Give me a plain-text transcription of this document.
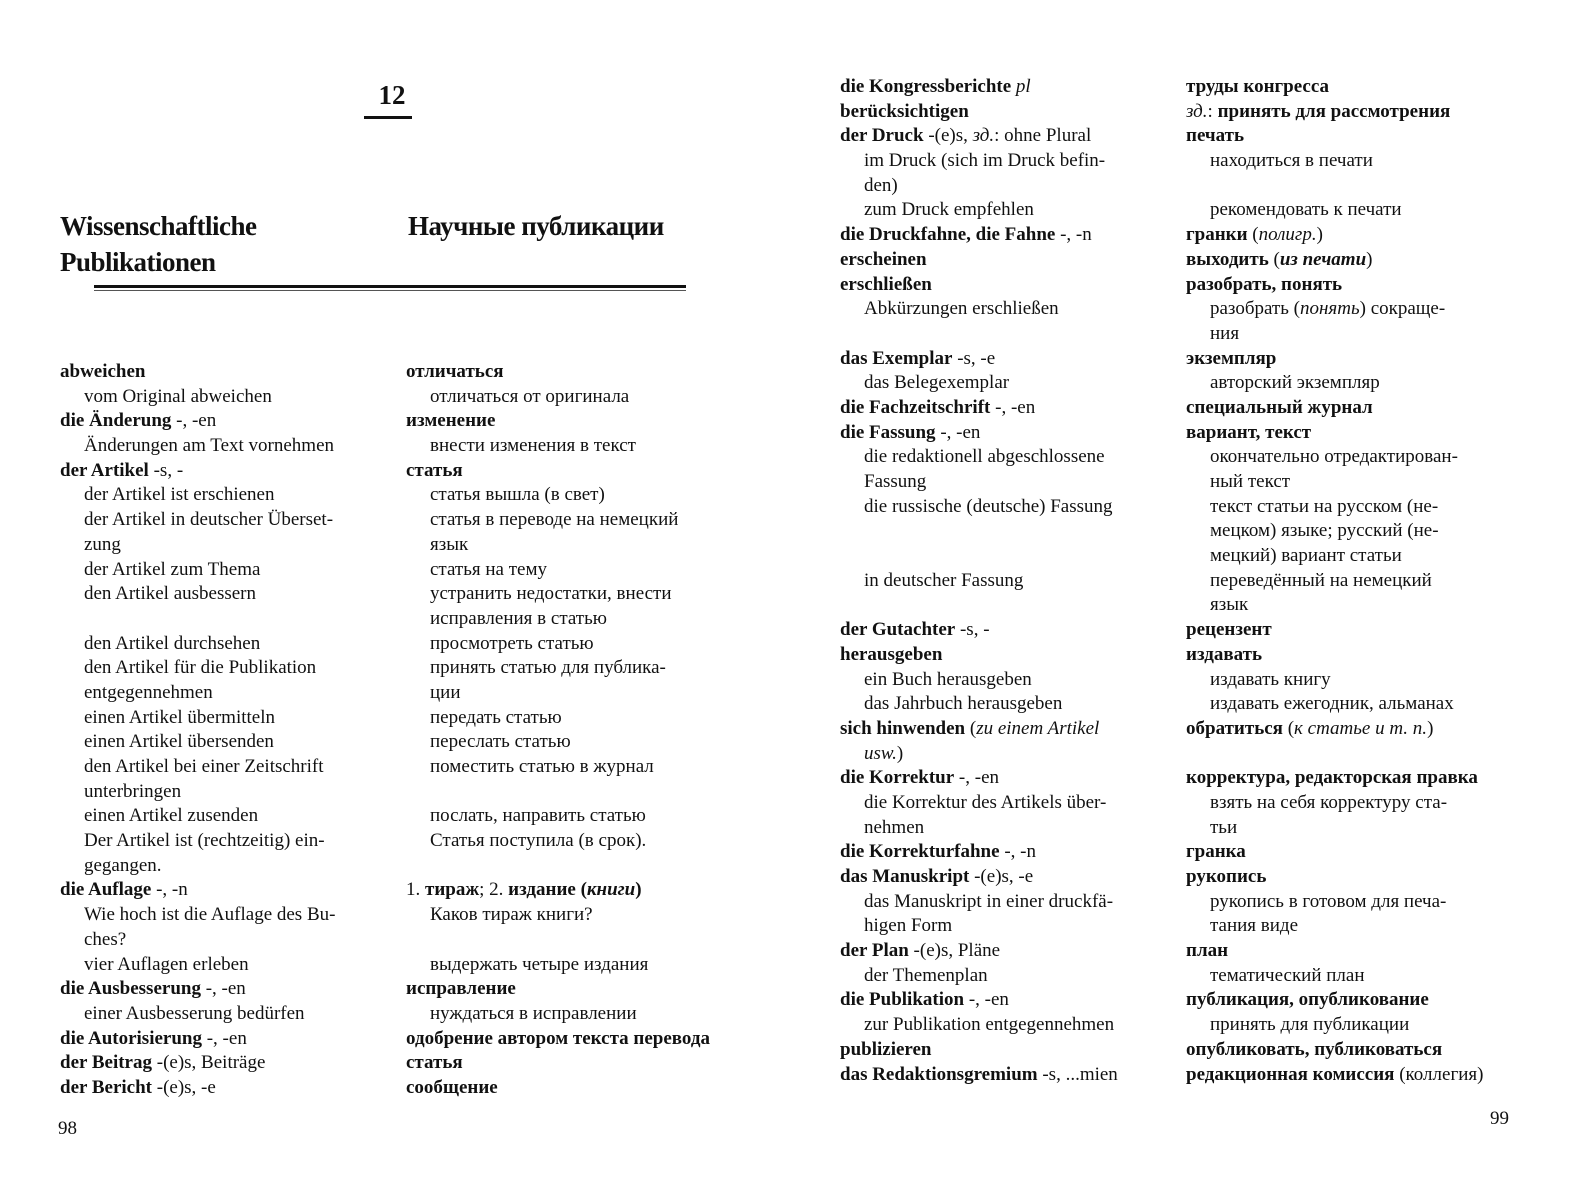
12
Wissenschaftliche
Publikationen
Научные публикации
abweichen
vom Original abweichen
die Änderung -, -en
Änderungen am Text vornehmen
der Artikel -s, -
der Artikel ist erschienen
der Artikel in deutscher Überset-
zung
der Artikel zum Thema
den Artikel ausbessern
den Artikel durchsehen
den Artikel für die Publikation
entgegennehmen
einen Artikel übermitteln
einen Artikel übersenden
den Artikel bei einer Zeitschrift
unterbringen
einen Artikel zusenden
Der Artikel ist (rechtzeitig) ein-
gegangen.
die Auflage -, -n
Wie hoch ist die Auflage des Bu-
ches?
vier Auflagen erleben
die Ausbesserung -, -en
einer Ausbesserung bedürfen
die Autorisierung -, -en
der Beitrag -(e)s, Beiträge
der Bericht -(e)s, -e
отличаться
отличаться от оригинала
изменение
внести изменения в текст
статья
статья вышла (в свет)
статья в переводе на немецкий
язык
статья на тему
устранить недостатки, внести
исправления в статью
просмотреть статью
принять статью для публика-
ции
передать статью
переслать статью
поместить статью в журнал
послать, направить статью
Статья поступила (в срок).
1. тираж; 2. издание (книги)
Каков тираж книги?
выдержать четыре издания
исправление
нуждаться в исправлении
одобрение автором текста перевода
статья
сообщение
98
die Kongressberichte pl
berücksichtigen
der Druck -(e)s, зд.: ohne Plural
im Druck (sich im Druck befin-
den)
zum Druck empfehlen
die Druckfahne, die Fahne -, -n
erscheinen
erschließen
Abkürzungen erschließen
das Exemplar -s, -e
das Belegexemplar
die Fachzeitschrift -, -en
die Fassung -, -en
die redaktionell abgeschlossene
Fassung
die russische (deutsche) Fassung
in deutscher Fassung
der Gutachter -s, -
herausgeben
ein Buch herausgeben
das Jahrbuch herausgeben
sich hinwenden (zu einem Artikel
usw.)
die Korrektur -, -en
die Korrektur des Artikels über-
nehmen
die Korrekturfahne -, -n
das Manuskript -(e)s, -e
das Manuskript in einer druckfä-
higen Form
der Plan -(e)s, Pläne
der Themenplan
die Publikation -, -en
zur Publikation entgegennehmen
publizieren
das Redaktionsgremium -s, ...mien
труды конгресса
зд.: принять для рассмотрения
печать
находиться в печати
рекомендовать к печати
гранки (полигр.)
выходить (из печати)
разобрать, понять
разобрать (понять) сокраще-
ния
экземпляр
авторский экземпляр
специальный журнал
вариант, текст
окончательно отредактирован-
ный текст
текст статьи на русском (не-
мецком) языке; русский (не-
мецкий) вариант статьи
переведённый на немецкий
язык
рецензент
издавать
издавать книгу
издавать ежегодник, альманах
обратиться (к статье и т. п.)
корректура, редакторская правка
взять на себя корректуру ста-
тьи
гранка
рукопись
рукопись в готовом для печа-
тания виде
план
тематический план
публикация, опубликование
принять для публикации
опубликовать, публиковаться
редакционная комиссия (коллегия)
99
